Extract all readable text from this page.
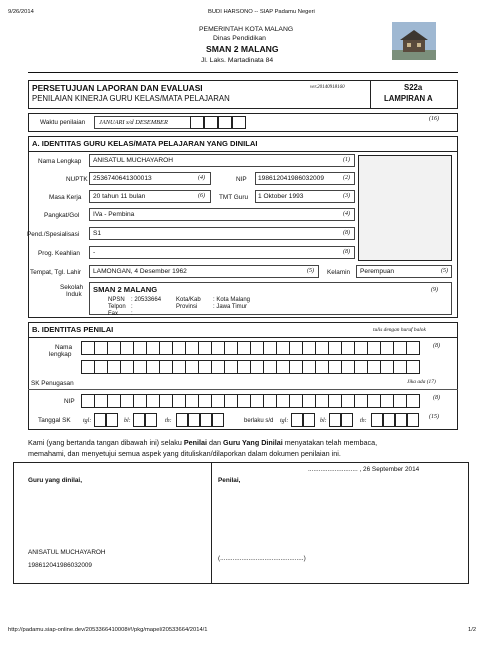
9/26/2014	BUDI HARSONO -- SIAP Padamu Negeri
http://padamu.siap-online.dev/2053366410008#!/pkg/mapel/20533664/2014/1	1/2
PEMERINTAH KOTA MALANG
Dinas Pendidikan
SMAN 2 MALANG
Jl. Laks. Martadinata 84
PERSETUJUAN LAPORAN DAN EVALUASI
PENILAIAN KINERJA GURU KELAS/MATA PELAJARAN
ver.20140918160	S22a
LAMPIRAN A
Waktu penilaian JANUARI s/d DESEMBER	(16)
A. IDENTITAS GURU KELAS/MATA PELAJARAN YANG DINILAI
Nama Lengkap ANISATUL MUCHAYAROH	(1)
NUPTK 2536740641300013	(4)	NIP 198612041986032009	(2)
Masa Kerja 20 tahun 11 bulan	(6) TMT Guru 1 Oktober 1993	(3)
Pangkat/Gol IVa - Pembina	(4)
Pend./Spesialisasi S1	(8)
Prog. Keahlian -	(8)
Tempat, Tgl. Lahir LAMONGAN, 4 Desember 1962	(5) Kelamin Perempuan	(5)
Sekolah
Induk
SMAN 2 MALANG	(9)
NPSN : 20533664
Telpon :
Fax :
Kota/Kab : Kota Malang
Provinsi	: Jawa Timur
B. IDENTITAS PENILAI	tulis dengan huruf balok
Nama
lengkap
(8)
SK Penugasan	Jika ada (17)
NIP	(8)
Tanggal SK tgl:	bl:	th:	berlaku s/d tgl:	bl:	th:
(15)
Kami (yang bertanda tangan dibawah ini) selaku Penilai dan Guru Yang Dinilai menyatakan telah membaca,
memahami, dan menyetujui semua aspek yang dituliskan/dilaporkan dalam dokumen penilaian ini.
............................ , 26 September 2014
Guru yang dinilai,	Penilai,
ANISATUL MUCHAYAROH
198612041986032009
(...............................................)
